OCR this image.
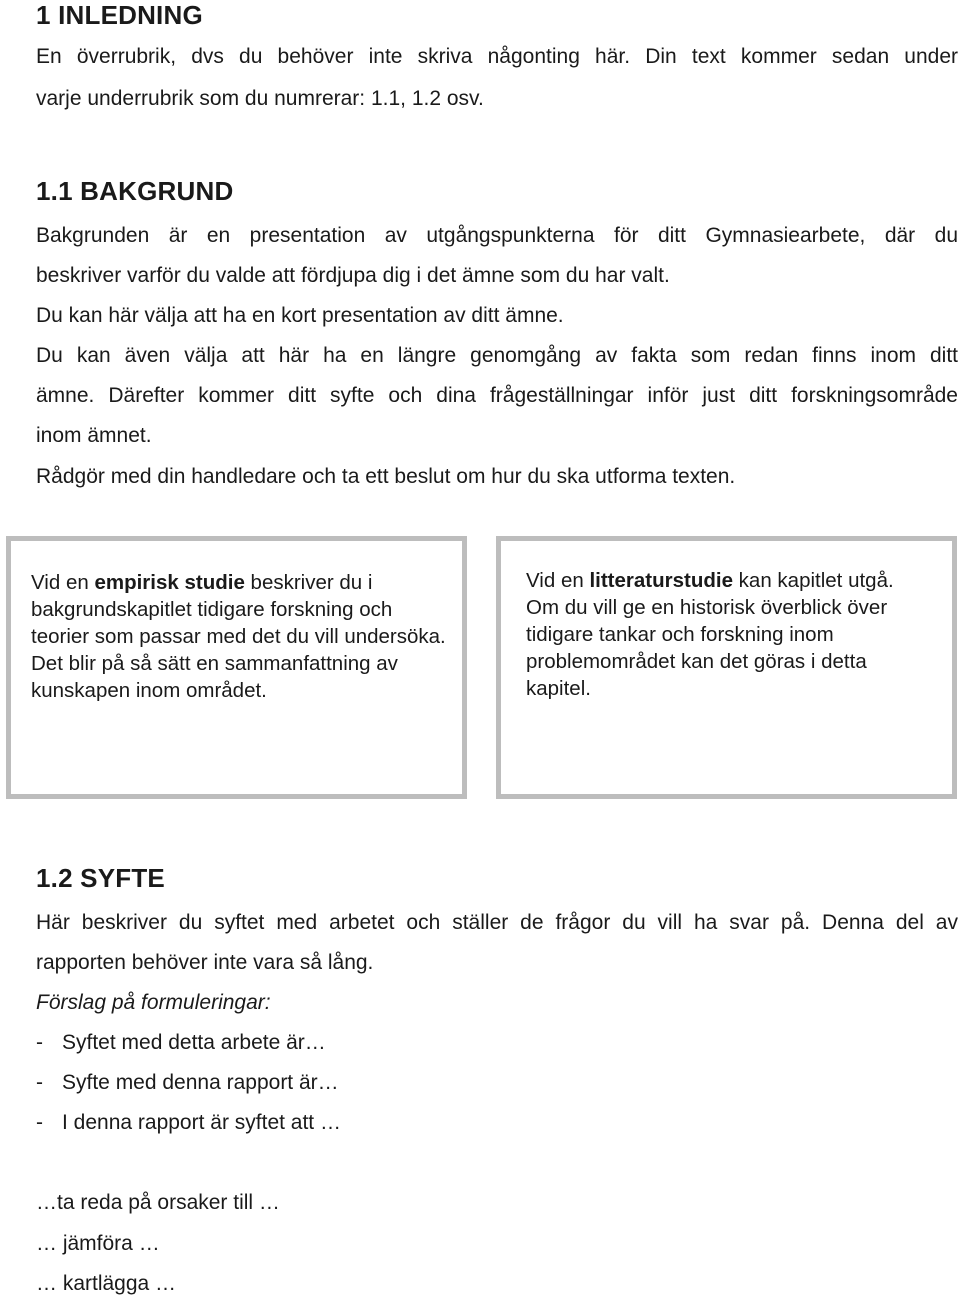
1 INLEDNING

En överrubrik, dvs du behöver inte skriva någonting här. Din text kommer sedan under

varje underrubrik som du numrerar: 1.1, 1.2 osv.

1.1 BAKGRUND

Bakgrunden är en presentation av utgångspunkterna för ditt Gymnasiearbete, där du

beskriver varför du valde att fördjupa dig i det ämne som du har valt.

Du kan här välja att ha en kort presentation av ditt ämne.

Du kan även välja att här ha en längre genomgång av fakta som redan finns inom ditt

ämne. Därefter kommer ditt syfte och dina frågeställningar inför just ditt forskningsområde

inom ämnet.

Rådgör med din handledare och ta ett beslut om hur du ska utforma texten.

Vid en empirisk studie beskriver du i bakgrundskapitlet tidigare forskning och teorier som passar med det du vill undersöka. Det blir på så sätt en sammanfattning av kunskapen inom området.
Vid en litteraturstudie kan kapitlet utgå. Om du vill ge en historisk överblick över tidigare tankar och forskning inom problemområdet kan det göras i detta kapitel.
1.2 SYFTE

Här beskriver du syftet med arbetet och ställer de frågor du vill ha svar på. Denna del av

rapporten behöver inte vara så lång.

Förslag på formuleringar:

- Syftet med detta arbete är…
- Syfte med denna rapport är…
- I denna rapport är syftet att …

…ta reda på orsaker till …

… jämföra …

… kartlägga …
